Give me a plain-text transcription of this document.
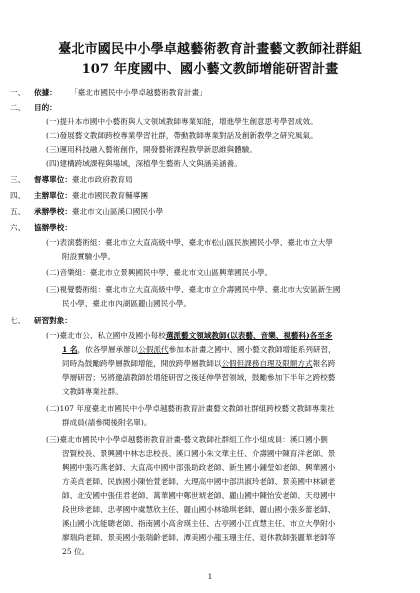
臺北市國民中小學卓越藝術教育計畫藝文教師社群組
107 年度國中、國小藝文教師增能研習計畫
一、 依據： 「臺北市國民中小學卓越藝術教育計畫」
二、 目的：
(一)提升本市國中小藝術與人文領域教師專業知能，增進學生創意思考學習成效。
(二)發展藝文教師跨校專業學習社群，帶動教師專業對話及創新教學之研究風氣。
(三)運用科技融入藝術創作，開發藝術課程教學新思維與體驗。
(四)建構跨域課程與場域，深植學生藝術人文與涵美涵養。
三、 督導單位： 臺北市政府教育局
四、 主辦單位： 臺北市國民教育輔導團
五、 承辦學校： 臺北市文山區溪口國民小學
六、 協辦學校：
(一)表演藝術組：臺北市立大直高級中學、臺北市松山區民族國民小學、臺北市立大學
附設實驗小學。
(二)音樂組：臺北市立景興國民中學、臺北市文山區興華國民小學。
(三)視覺藝術組：臺北市立大直高級中學、臺北市立介壽國民中學、臺北市大安區新生國
民小學、臺北市內湖區麗山國民小學。
七、 研習對象：
(一)臺北市公、私立國中及國小每校選派藝文領域教師(以表藝、音樂、視藝科)各至多
1 名，依各學層承辦以公假派代參加本計畫之國中、國小藝文教師增能系列研習，
同時為鼓勵跨學層教師增能，開放跨學層教師以公假但課務自理及限額方式報名跨
學層研習；另將邀請教師於增能研習之後延伸學習領域，鼓勵參加下半年之跨校藝
文教師專業社群。
(二)107 年度臺北市國民中小學卓越藝術教育計畫藝文教師社群組跨校藝文教師專業社
群成員(請參閱後附名單)。
(三)臺北市國民中小學卓越藝術教育計畫-藝文教師社群組工作小組成員：溪口國小劉
習賢校長、景興國中林志忠校長、溪口國小朱文華主任、介壽國中陳育洋老師、景
興國中張巧燕老師、大直高中國中部張助政老師、新生國小鍾瑩如老師、興華國小
方美貞老師、民族國小陳怡萱老師、大理高中國中部洪淑玲老師、景美國中林穎老
師、北安國中張佳君老師、萬華國中鄭世琥老師、麗山國中陳怡安老師、天母國中
段世珍老師、忠孝國中虞慧欣主任、麗山國小林瑜琪老師、麗山國小張多蕾老師、
溪山國小沈能聰老師、指南國小高舍瑛主任、古亭國小江貞慧主任、市立大學附小
廖瑞尚老師、景美國小張瑞齡老師、潭美國小龍玉珊主任、退休教師張麗華老師等
25 位。
1
